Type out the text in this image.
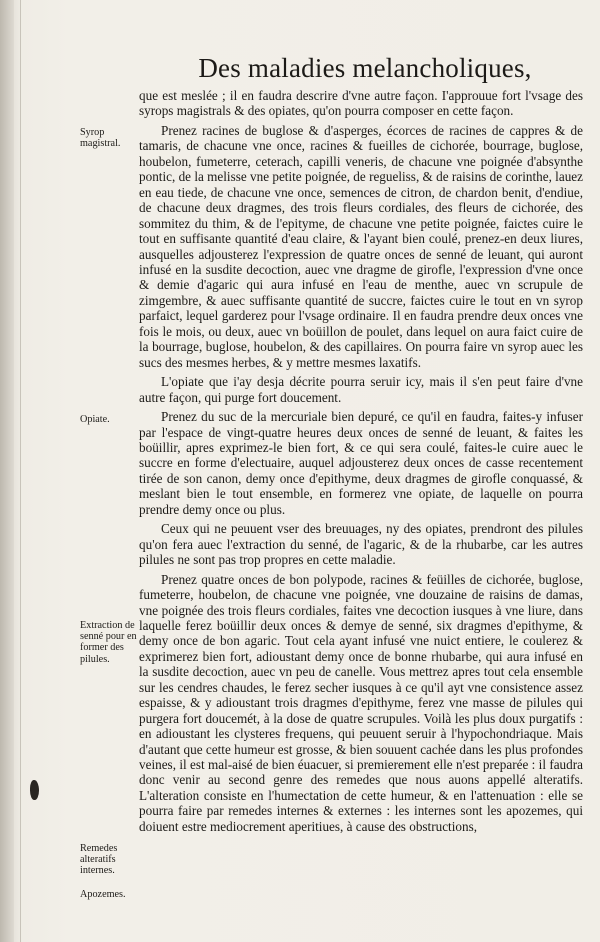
Des maladies melancholiques,
Syrop magistral.
Opiate.
Extraction de senné pour en former des pilules.
Remedes alteratifs internes.
Apozemes.

que est meslée ; il en faudra descrire d'vne autre façon. I'approuue fort l'vsage des syrops magistrals & des opiates, qu'on pourra composer en cette façon.

Prenez racines de buglose & d'asperges, écorces de racines de cappres & de tamaris, de chacune vne once, racines & fueilles de cichorée, bourrage, buglose, houbelon, fumeterre, ceterach, capilli veneris, de chacune vne poignée d'absynthe pontic, de la melisse vne petite poignée, de regueliss, & de raisins de corinthe, lauez en eau tiede, de chacune vne once, semences de citron, de chardon benit, d'endiue, de chacune deux dragmes, des trois fleurs cordiales, des fleurs de cichorée, des sommitez du thim, & de l'epityme, de chacune vne petite poignée, faictes cuire le tout en suffisante quantité d'eau claire, & l'ayant bien coulé, prenez-en deux liures, ausquelles adjousterez l'expression de quatre onces de senné de leuant, qui auront infusé en la susdite decoction, auec vne dragme de girofle, l'expression d'vne once & demie d'agaric qui aura infusé en l'eau de menthe, auec vn scrupule de zimgembre, & auec suffisante quantité de succre, faictes cuire le tout en vn syrop parfaict, lequel garderez pour l'vsage ordinaire. Il en faudra prendre deux onces vne fois le mois, ou deux, auec vn boüillon de poulet, dans lequel on aura faict cuire de la bourrage, buglose, houbelon, & des capillaires. On pourra faire vn syrop auec les sucs des mesmes herbes, & y mettre mesmes laxatifs.

L'opiate que i'ay desja décrite pourra seruir icy, mais il s'en peut faire d'vne autre façon, qui purge fort doucement.

Prenez du suc de la mercuriale bien depuré, ce qu'il en faudra, faites-y infuser par l'espace de vingt-quatre heures deux onces de senné de leuant, & faites les boüillir, apres exprimez-le bien fort, & ce qui sera coulé, faites-le cuire auec le succre en forme d'electuaire, auquel adjousterez deux onces de casse recentement tirée de son canon, demy once d'epithyme, deux dragmes de girofle conquassé, & meslant bien le tout ensemble, en formerez vne opiate, de laquelle on pourra prendre demy once ou plus.

Ceux qui ne peuuent vser des breuuages, ny des opiates, prendront des pilules qu'on fera auec l'extraction du senné, de l'agaric, & de la rhubarbe, car les autres pilules ne sont pas trop propres en cette maladie.

Prenez quatre onces de bon polypode, racines & feüilles de cichorée, buglose, fumeterre, houbelon, de chacune vne poignée, vne douzaine de raisins de damas, vne poignée des trois fleurs cordiales, faites vne decoction iusques à vne liure, dans laquelle ferez boüillir deux onces & demye de senné, six dragmes d'epithyme, & demy once de bon agaric. Tout cela ayant infusé vne nuict entiere, le coulerez & exprimerez bien fort, adioustant demy once de bonne rhubarbe, qui aura infusé en la susdite decoction, auec vn peu de canelle. Vous mettrez apres tout cela ensemble sur les cendres chaudes, le ferez secher iusques à ce qu'il ayt vne consistence assez espaisse, & y adioustant trois dragmes d'epithyme, ferez vne masse de pilules qui purgera fort doucemét, à la dose de quatre scrupules. Voilà les plus doux purgatifs : en adioustant les clysteres frequens, qui peuuent seruir à l'hypochondriaque. Mais d'autant que cette humeur est grosse, & bien souuent cachée dans les plus profondes veines, il est mal-aisé de bien éuacuer, si premierement elle n'est preparée : il faudra donc venir au second genre des remedes que nous auons appellé alteratifs. L'alteration consiste en l'humectation de cette humeur, & en l'attenuation : elle se pourra faire par remedes internes & externes : les internes sont les apozemes, qui doiuent estre mediocrement aperitiues, à cause des obstructions,
